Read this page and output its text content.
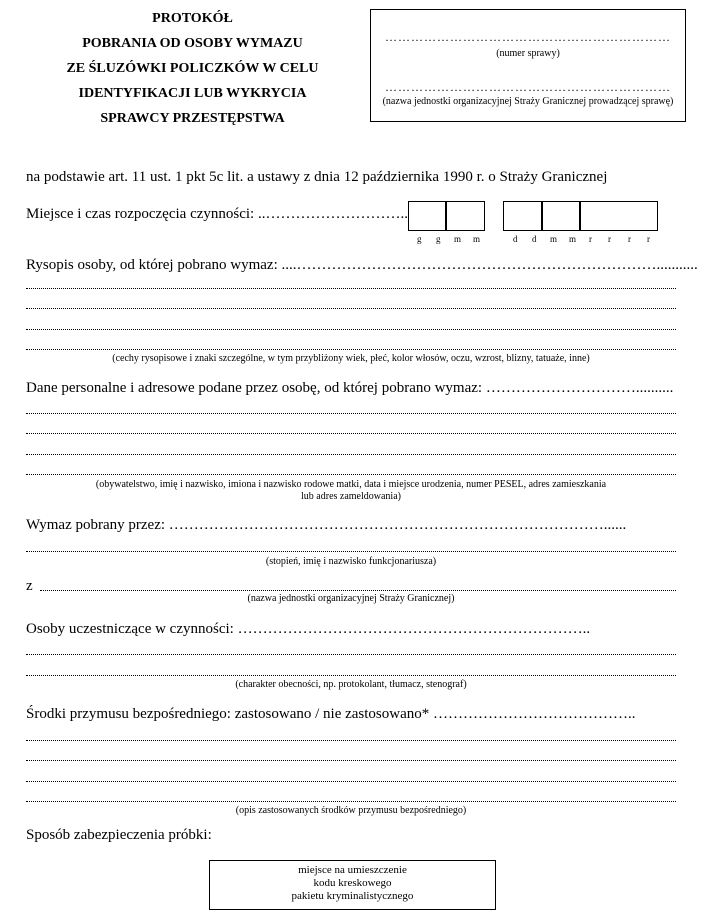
PROTOKÓŁ
POBRANIA OD OSOBY WYMAZU
ZE ŚLUZÓWKI POLICZKÓW W CELU
IDENTYFIKACJI LUB WYKRYCIA
SPRAWCY PRZESTĘPSTWA
…………………………………………………………
(numer sprawy)
…………………………………………………………
(nazwa jednostki organizacyjnej Straży Granicznej prowadzącej sprawę)
na podstawie art. 11 ust. 1 pkt 5c lit. a ustawy z dnia 12 października 1990 r. o Straży Granicznej
Miejsce i czas rozpoczęcia czynności: ..………………………..
g g m m	d d m m r r r r
Rysopis osoby, od której pobrano wymaz: ....………………………………………………………………...........
(cechy rysopisowe i znaki szczególne, w tym przybliżony wiek, płeć, kolor włosów, oczu, wzrost, blizny, tatuaże, inne)
Dane personalne i adresowe podane przez osobę, od której pobrano wymaz: …………………………..........
(obywatelstwo, imię i nazwisko, imiona i nazwisko rodowe matki, data i miejsce urodzenia, numer PESEL, adres zamieszkania
lub adres zameldowania)
Wymaz pobrany przez: ……………………………………………………………………………......
(stopień, imię i nazwisko funkcjonariusza)
z
(nazwa jednostki organizacyjnej Straży Granicznej)
Osoby uczestniczące w czynności: ……………………………………………………………..
(charakter obecności, np. protokolant, tłumacz, stenograf)
Środki przymusu bezpośredniego: zastosowano / nie zastosowano* …………………………………..
(opis zastosowanych środków przymusu bezpośredniego)
Sposób zabezpieczenia próbki:
miejsce na umieszczenie
kodu kreskowego
pakietu kryminalistycznego
